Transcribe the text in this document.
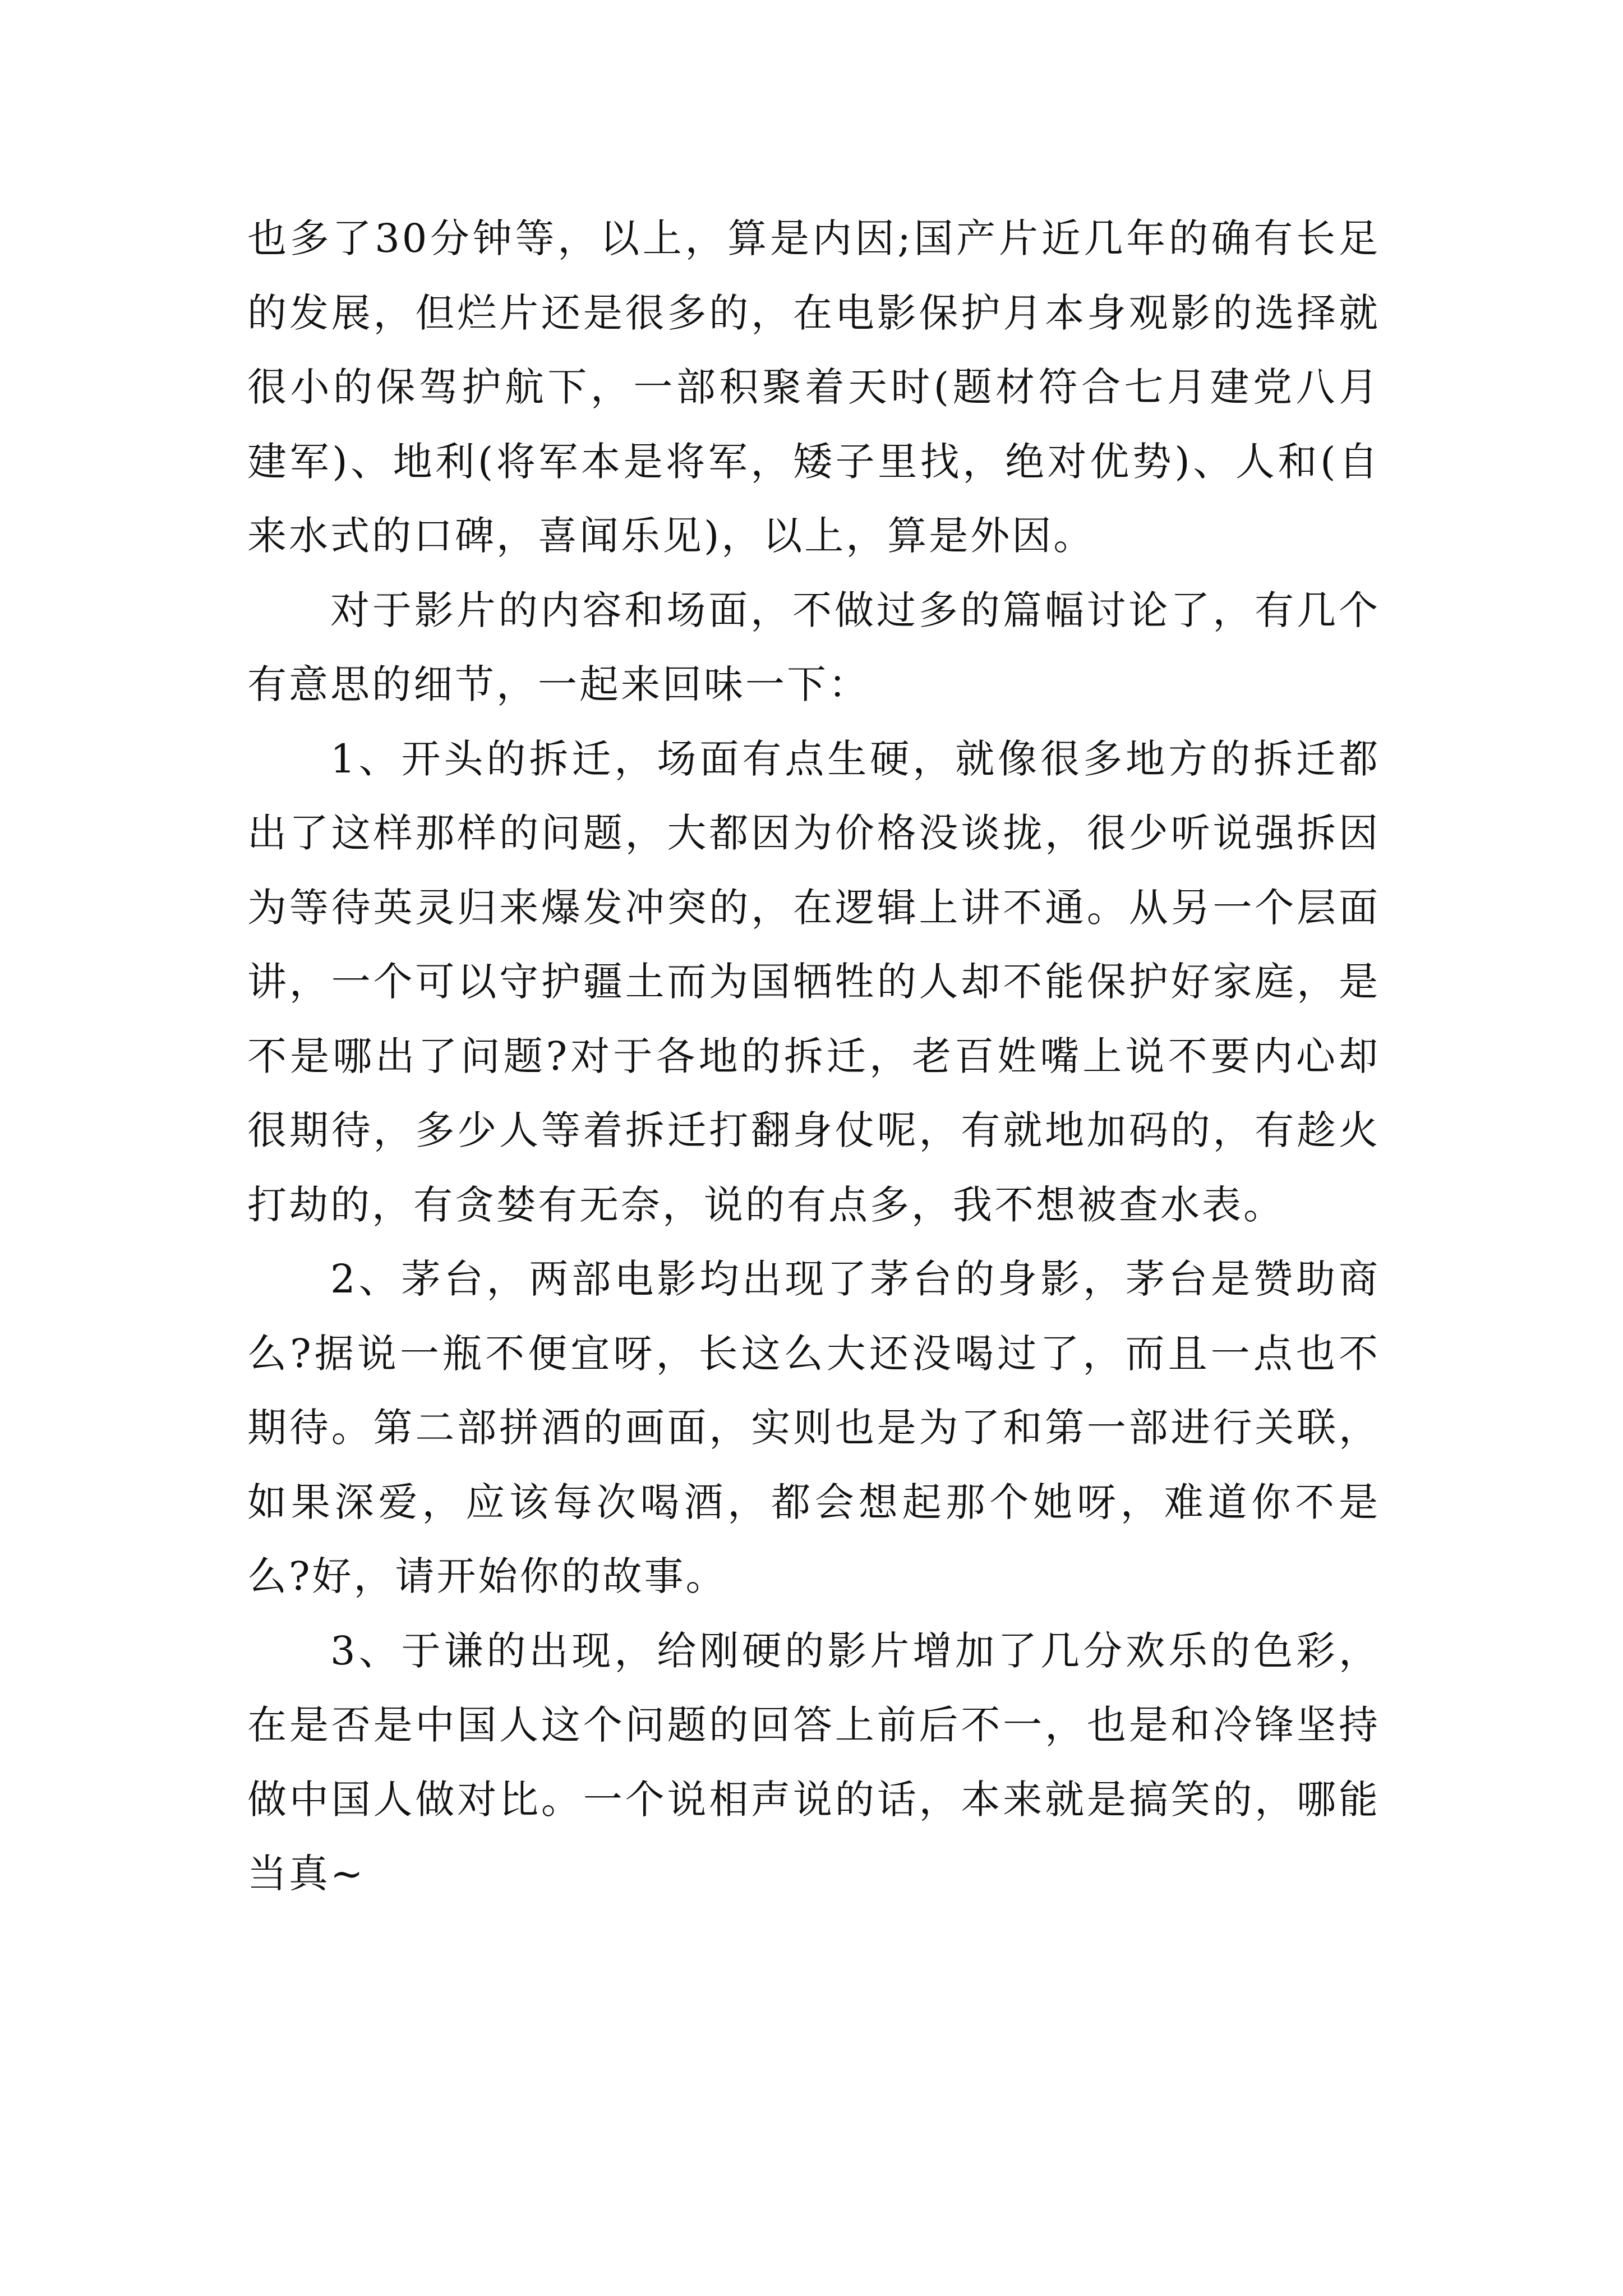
也多了30分钟等，以上，算是内因;国产片近几年的确有长足的发展，但烂片还是很多的，在电影保护月本身观影的选择就很小的保驾护航下，一部积聚着天时(题材符合七月建党八月建军)、地利(将军本是将军，矮子里找，绝对优势)、人和(自来水式的口碑，喜闻乐见)，以上，算是外因。

对于影片的内容和场面，不做过多的篇幅讨论了，有几个有意思的细节，一起来回味一下：

1、开头的拆迁，场面有点生硬，就像很多地方的拆迁都出了这样那样的问题，大都因为价格没谈拢，很少听说强拆因为等待英灵归来爆发冲突的，在逻辑上讲不通。从另一个层面讲，一个可以守护疆土而为国牺牲的人却不能保护好家庭，是不是哪出了问题?对于各地的拆迁，老百姓嘴上说不要内心却很期待，多少人等着拆迁打翻身仗呢，有就地加码的，有趁火打劫的，有贪婪有无奈，说的有点多，我不想被查水表。

2、茅台，两部电影均出现了茅台的身影，茅台是赞助商么?据说一瓶不便宜呀，长这么大还没喝过了，而且一点也不期待。第二部拼酒的画面，实则也是为了和第一部进行关联，如果深爱，应该每次喝酒，都会想起那个她呀，难道你不是么?好，请开始你的故事。

3、于谦的出现，给刚硬的影片增加了几分欢乐的色彩，在是否是中国人这个问题的回答上前后不一，也是和冷锋坚持做中国人做对比。一个说相声说的话，本来就是搞笑的，哪能当真~
